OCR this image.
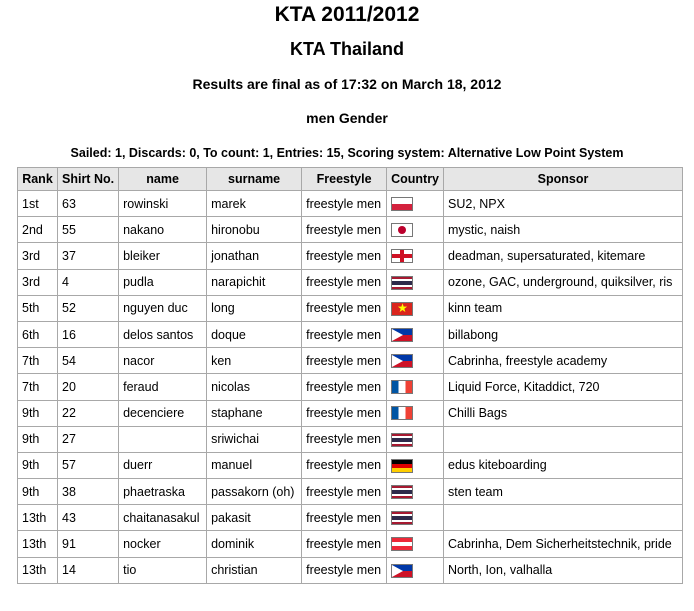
KTA 2011/2012
KTA Thailand
Results are final as of 17:32 on March 18, 2012
men Gender
Sailed: 1, Discards: 0, To count: 1, Entries: 15, Scoring system: Alternative Low Point System
Rank	Shirt No.	name	surname	Freestyle	Country	Sponsor
1st	63	rowinski	marek	freestyle men		SU2, NPX
2nd	55	nakano	hironobu	freestyle men		mystic, naish
3rd	37	bleiker	jonathan	freestyle men		deadman, supersaturated, kitemare
3rd	4	pudla	narapichit	freestyle men		ozone, GAC, underground, quiksilver, ris
5th	52	nguyen duc	long	freestyle men	★	kinn team
6th	16	delos santos	doque	freestyle men		billabong
7th	54	nacor	ken	freestyle men		Cabrinha, freestyle academy
7th	20	feraud	nicolas	freestyle men		Liquid Force, Kitaddict, 720
9th	22	decenciere	staphane	freestyle men		Chilli Bags
9th	27		sriwichai	freestyle men		
9th	57	duerr	manuel	freestyle men		edus kiteboarding
9th	38	phaetraska	passakorn (oh)	freestyle men		sten team
13th	43	chaitanasakul	pakasit	freestyle men		
13th	91	nocker	dominik	freestyle men		Cabrinha, Dem Sicherheitstechnik, pride
13th	14	tio	christian	freestyle men		North, Ion, valhalla
